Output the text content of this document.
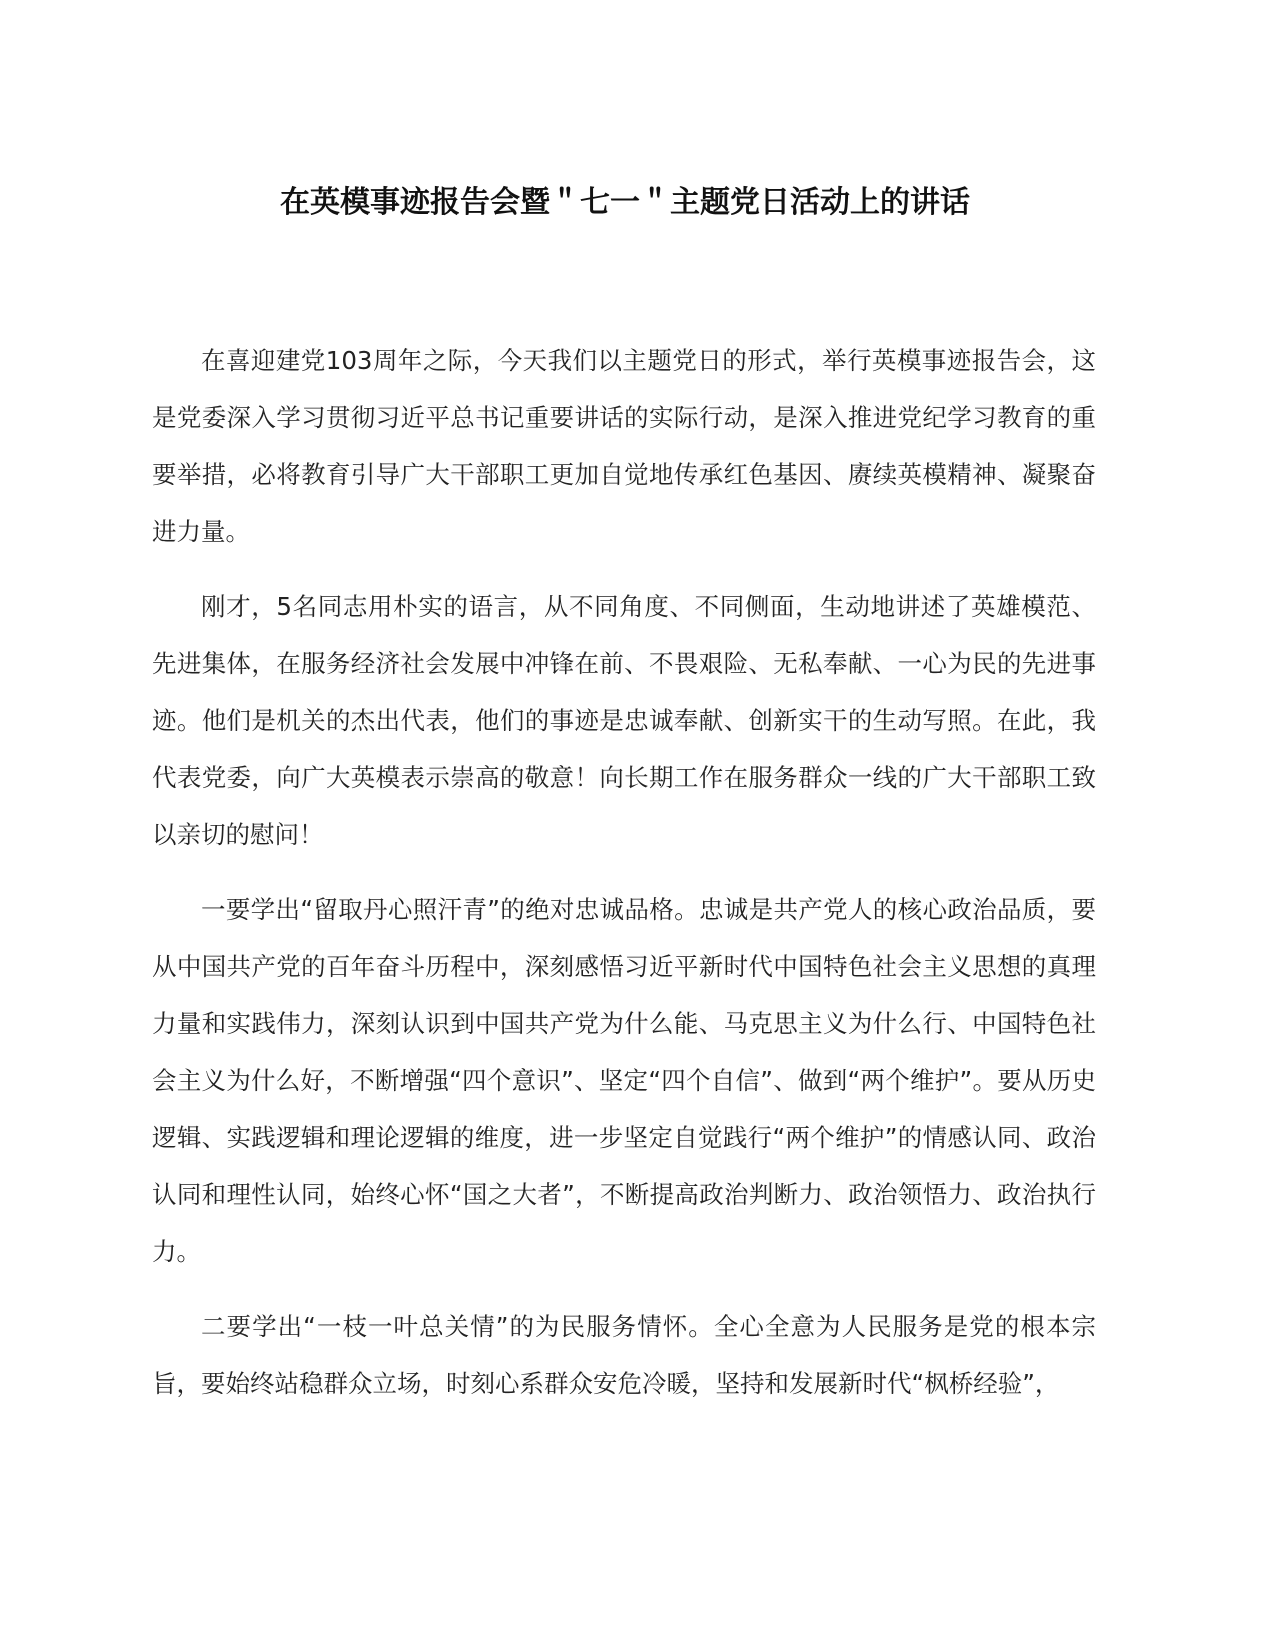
在英模事迹报告会暨＂七一＂主题党日活动上的讲话

在喜迎建党103周年之际，今天我们以主题党日的形式，举行英模事迹报告会，这是党委深入学习贯彻习近平总书记重要讲话的实际行动，是深入推进党纪学习教育的重要举措，必将教育引导广大干部职工更加自觉地传承红色基因、赓续英模精神、凝聚奋进力量。

刚才，5名同志用朴实的语言，从不同角度、不同侧面，生动地讲述了英雄模范、先进集体，在服务经济社会发展中冲锋在前、不畏艰险、无私奉献、一心为民的先进事迹。他们是机关的杰出代表，他们的事迹是忠诚奉献、创新实干的生动写照。在此，我代表党委，向广大英模表示崇高的敬意！向长期工作在服务群众一线的广大干部职工致以亲切的慰问！

一要学出“留取丹心照汗青”的绝对忠诚品格。忠诚是共产党人的核心政治品质，要从中国共产党的百年奋斗历程中，深刻感悟习近平新时代中国特色社会主义思想的真理力量和实践伟力，深刻认识到中国共产党为什么能、马克思主义为什么行、中国特色社会主义为什么好，不断增强“四个意识”、坚定“四个自信”、做到“两个维护”。要从历史逻辑、实践逻辑和理论逻辑的维度，进一步坚定自觉践行“两个维护”的情感认同、政治认同和理性认同，始终心怀“国之大者”，不断提高政治判断力、政治领悟力、政治执行力。

二要学出“一枝一叶总关情”的为民服务情怀。全心全意为人民服务是党的根本宗旨，要始终站稳群众立场，时刻心系群众安危冷暖，坚持和发展新时代“枫桥经验”，
